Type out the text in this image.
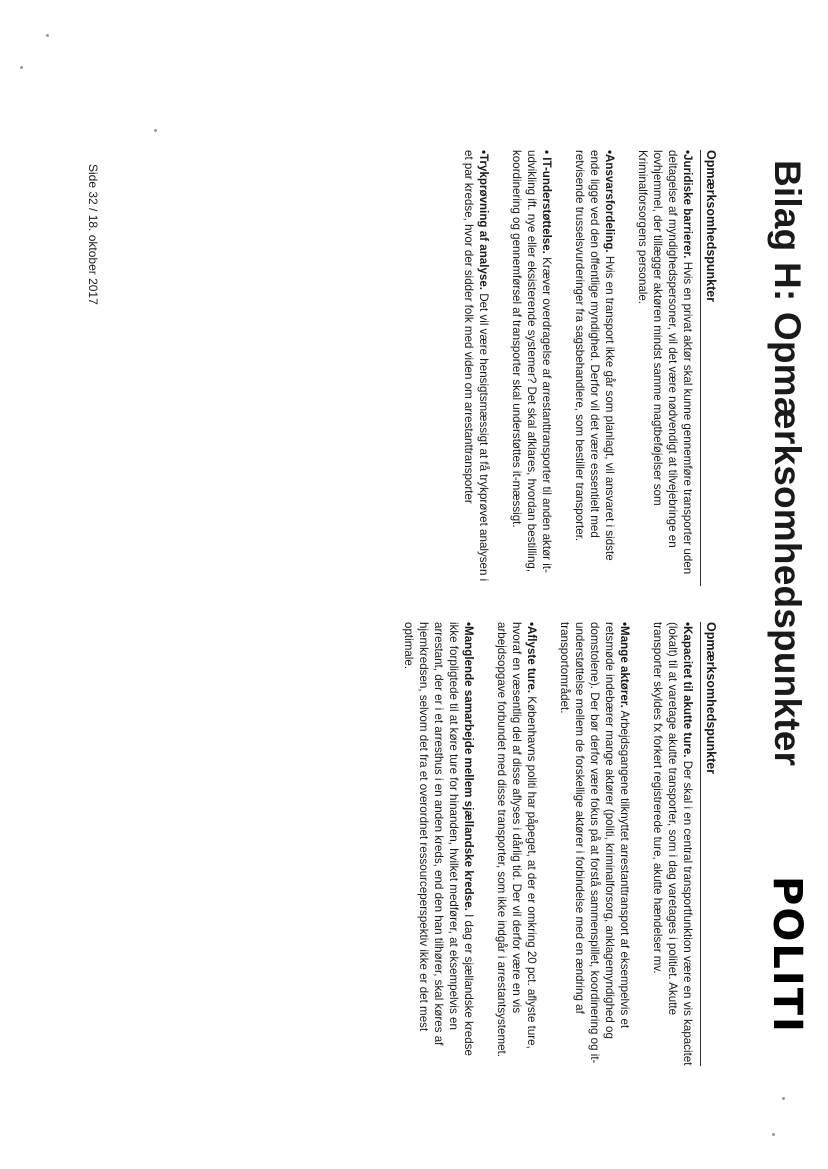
Bilag H: Opmærksomhedspunkter
POLITI
Opmærksomhedspunkter

•Juridiske barrierer. Hvis en privat aktør skal kunne gennemføre transporter uden deltagelse af myndighedspersoner, vil det være nødvendigt at tilvejebringe en lovhjemmel, der tillægger aktøren mindst samme magtbeføjelser som Kriminalforsorgens personale.

•Ansvarsfordeling. Hvis en transport ikke går som planlagt, vil ansvaret i sidste ende ligge ved den offentlige myndighed. Derfor vil det være essentielt med retvisende trusselsvurderinger fra sagsbehandlere, som bestiller transporter.

• IT-understøttelse. Kræver overdragelse af arrestanttransporter til anden aktør it-udvikling ift. nye eller eksisterende systemer? Det skal afklares, hvordan bestilling, koordinering og gennemførsel af transporter skal understøttes it-mæssigt.

•Trykprøvning af analyse. Det vil være hensigtsmæssigt at få trykprøvet analysen i et par kredse, hvor der sidder folk med viden om arrestanttransporter

Opmærksomhedspunkter

•Kapacitet til akutte ture. Der skal i en central transportfunktion være en vis kapacitet (lokalt) til at varetage akutte transporter, som i dag varetages i politiet. Akutte transporter skyldes fx forkert registrerede ture, akutte hændelser mv.

•Mange aktører. Arbejdsgangene tilknyttet arrestanttransport af eksempelvis et retsmøde indebærer mange aktører (politi, kriminalforsorg, anklagemyndighed og domstolene). Der bør derfor være fokus på at forstå sammenspillet, koordinering og it-understøttelse mellem de forskellige aktører i forbindelse med en ændring af transportområdet.

•Aflyste ture. Københavns politi har påpeget, at der er omkring 20 pct. aflyste ture, hvoraf en væsentlig del af disse aflyses i dårlig tid. Der vil derfor være en vis arbejdsopgave forbundet med disse transporter, som ikke indgår i arrestantsystemet.

•Manglende samarbejde mellem sjællandske kredse. I dag er sjællandske kredse ikke forpligtede til at køre ture for hinanden, hvilket medfører, at eksempelvis en arrestant, der er i et arresthus i en anden kreds, end den han tilhører, skal køres af hjemkredsen, selvom det fra et overordnet ressourceperspektiv ikke er det mest optimale.

Side 32 / 18. oktober 2017
